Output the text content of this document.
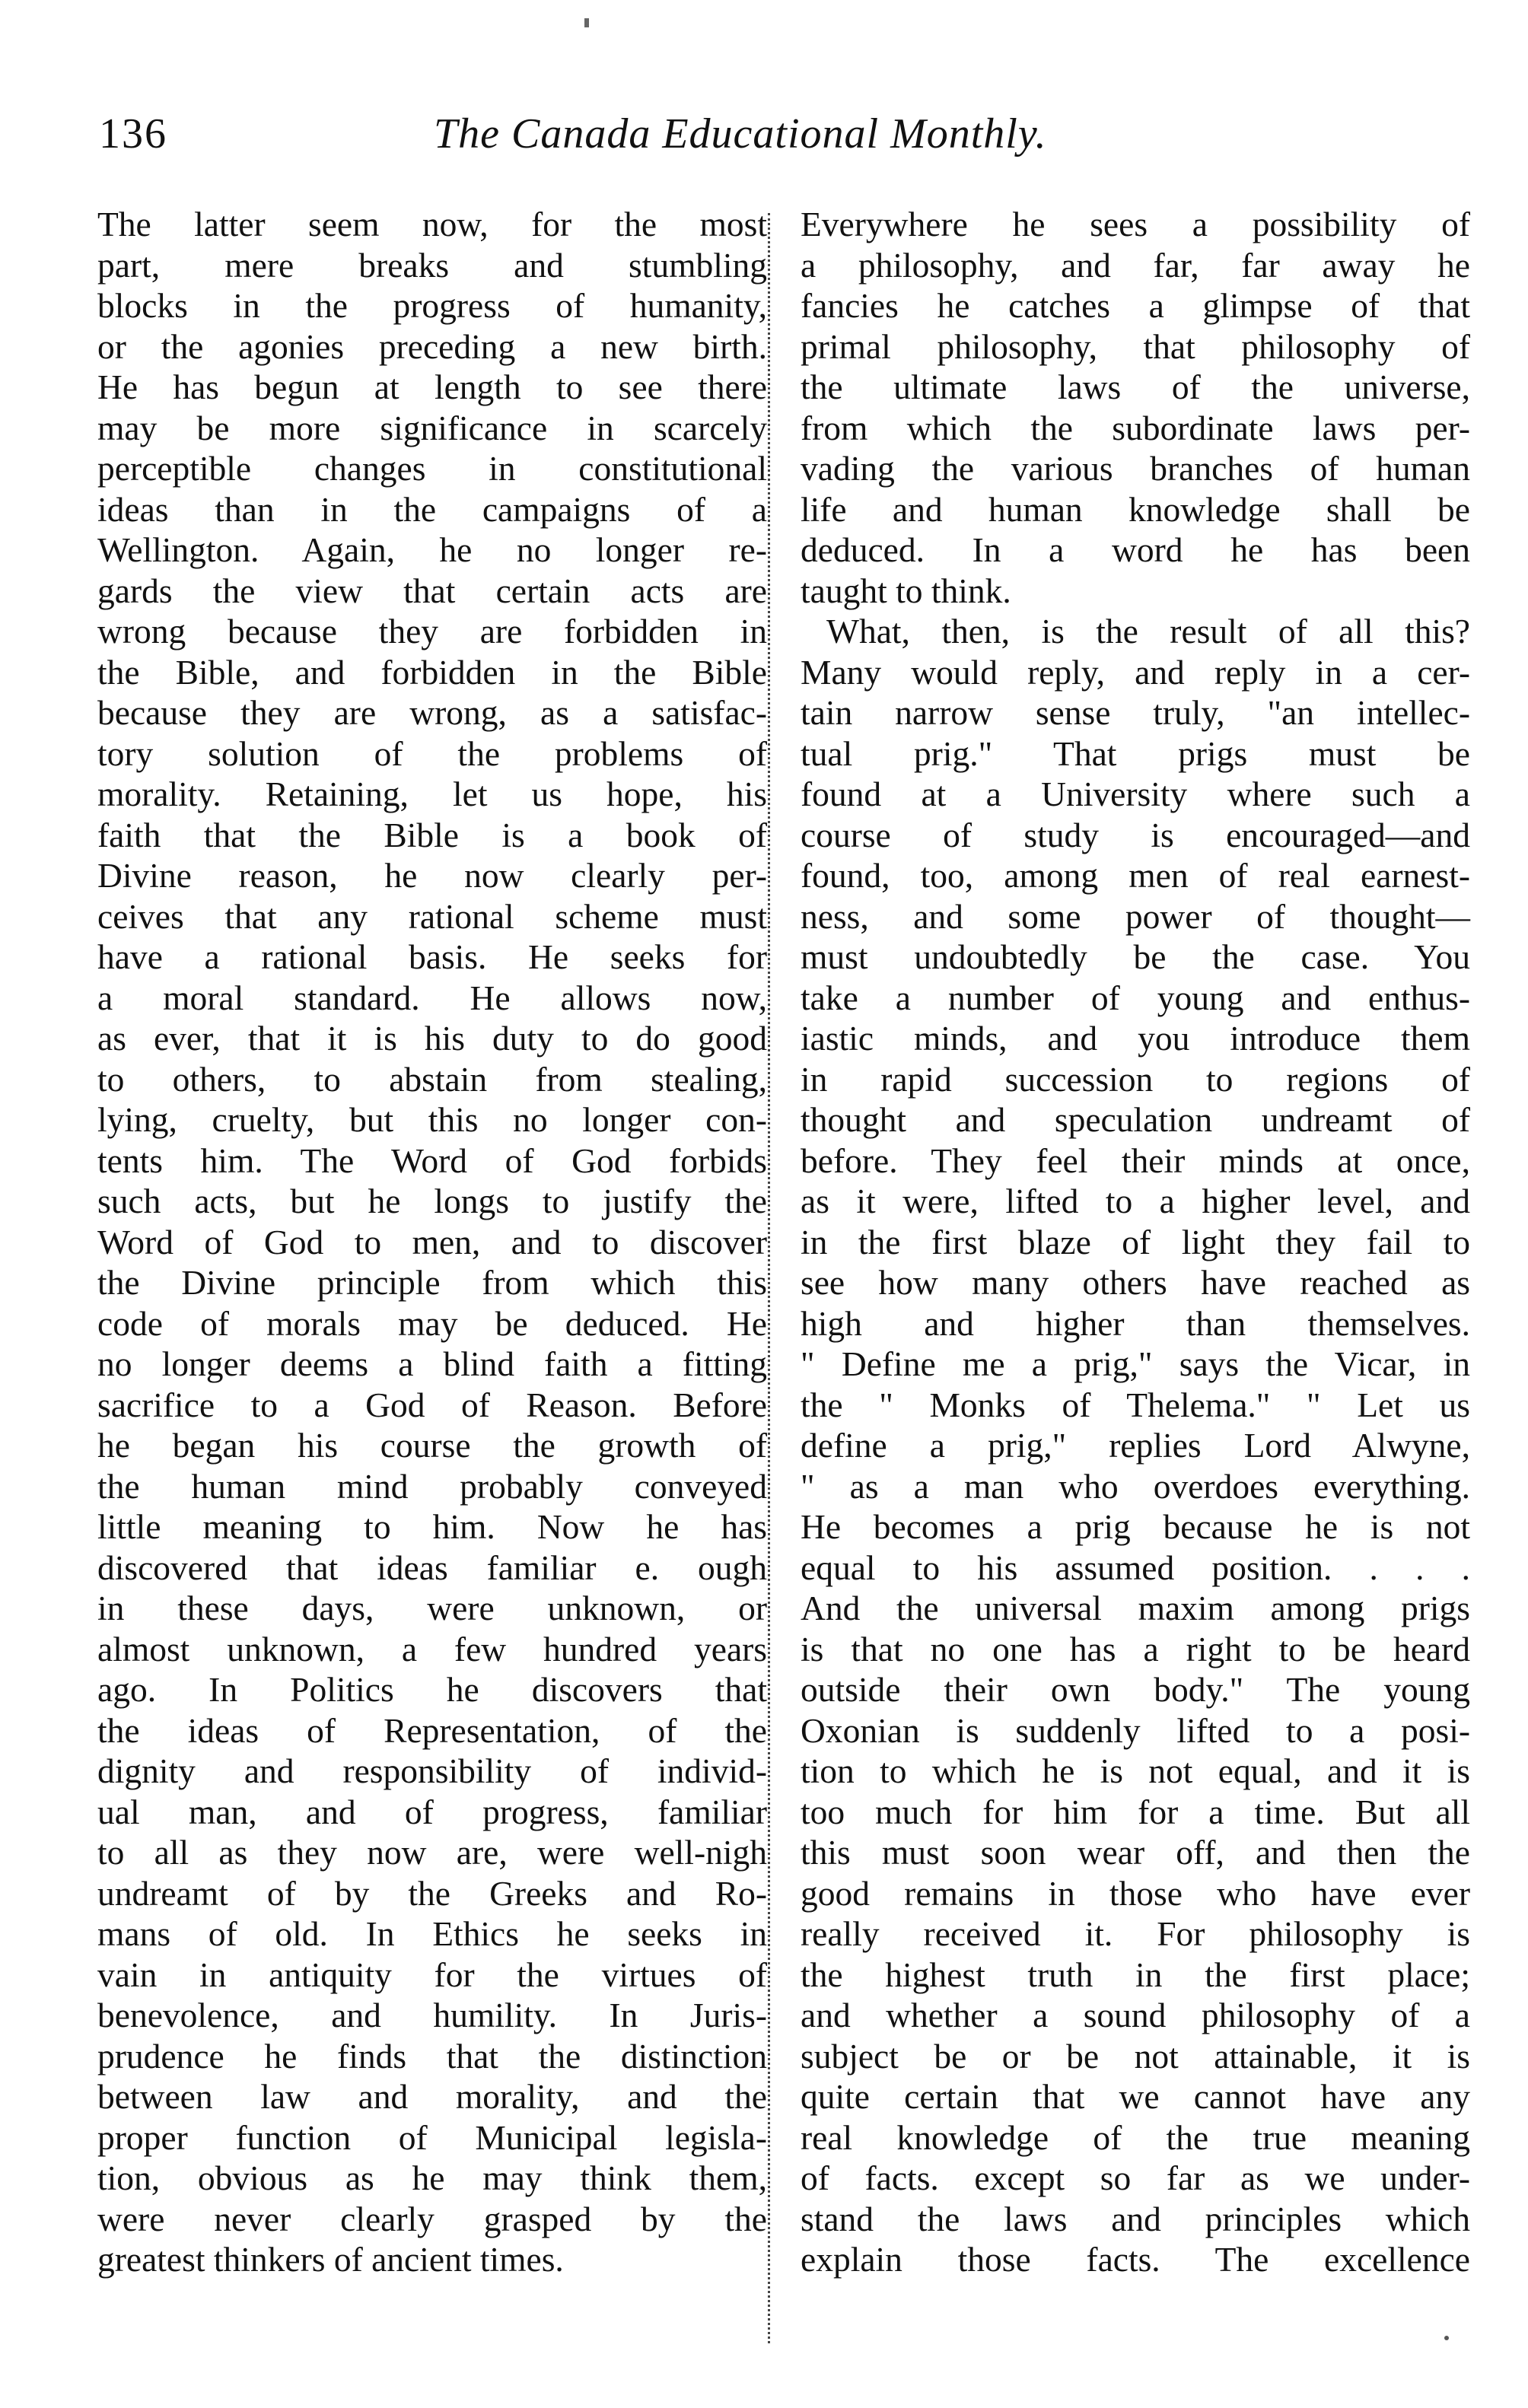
136	The Canada Educational Monthly.
The latter seem now, for the most
part, mere breaks and stumbling
blocks in the progress of humanity,
or the agonies preceding a new birth.
He has begun at length to see there
may be more significance in scarcely
perceptible changes in constitutional
ideas than in the campaigns of a
Wellington. Again, he no longer re-
gards the view that certain acts are
wrong because they are forbidden in
the Bible, and forbidden in the Bible
because they are wrong, as a satisfac-
tory solution of the problems of
morality. Retaining, let us hope, his
faith that the Bible is a book of
Divine reason, he now clearly per-
ceives that any rational scheme must
have a rational basis. He seeks for
a moral standard. He allows now,
as ever, that it is his duty to do good
to others, to abstain from stealing,
lying, cruelty, but this no longer con-
tents him. The Word of God forbids
such acts, but he longs to justify the
Word of God to men, and to discover
the Divine principle from which this
code of morals may be deduced. He
no longer deems a blind faith a fitting
sacrifice to a God of Reason. Before
he began his course the growth of
the human mind probably conveyed
little meaning to him. Now he has
discovered that ideas familiar e. ough
in these days, were unknown, or
almost unknown, a few hundred years
ago. In Politics he discovers that
the ideas of Representation, of the
dignity and responsibility of individ-
ual man, and of progress, familiar
to all as they now are, were well-nigh
undreamt of by the Greeks and Ro-
mans of old. In Ethics he seeks in
vain in antiquity for the virtues of
benevolence, and humility. In Juris-
prudence he finds that the distinction
between law and morality, and the
proper function of Municipal legisla-
tion, obvious as he may think them,
were never clearly grasped by the
greatest thinkers of ancient times.
Everywhere he sees a possibility of
a philosophy, and far, far away he
fancies he catches a glimpse of that
primal philosophy, that philosophy of
the ultimate laws of the universe,
from which the subordinate laws per-
vading the various branches of human
life and human knowledge shall be
deduced. In a word he has been
taught to think.
What, then, is the result of all this?
Many would reply, and reply in a cer-
tain narrow sense truly, "an intellec-
tual prig." That prigs must be
found at a University where such a
course of study is encouraged—and
found, too, among men of real earnest-
ness, and some power of thought—
must undoubtedly be the case. You
take a number of young and enthus-
iastic minds, and you introduce them
in rapid succession to regions of
thought and speculation undreamt of
before. They feel their minds at once,
as it were, lifted to a higher level, and
in the first blaze of light they fail to
see how many others have reached as
high and higher than themselves.
" Define me a prig," says the Vicar, in
the " Monks of Thelema." " Let us
define a prig," replies Lord Alwyne,
" as a man who overdoes everything.
He becomes a prig because he is not
equal to his assumed position. . . .
And the universal maxim among prigs
is that no one has a right to be heard
outside their own body." The young
Oxonian is suddenly lifted to a posi-
tion to which he is not equal, and it is
too much for him for a time. But all
this must soon wear off, and then the
good remains in those who have ever
really received it. For philosophy is
the highest truth in the first place;
and whether a sound philosophy of a
subject be or be not attainable, it is
quite certain that we cannot have any
real knowledge of the true meaning
of facts. except so far as we under-
stand the laws and principles which
explain those facts. The excellence
